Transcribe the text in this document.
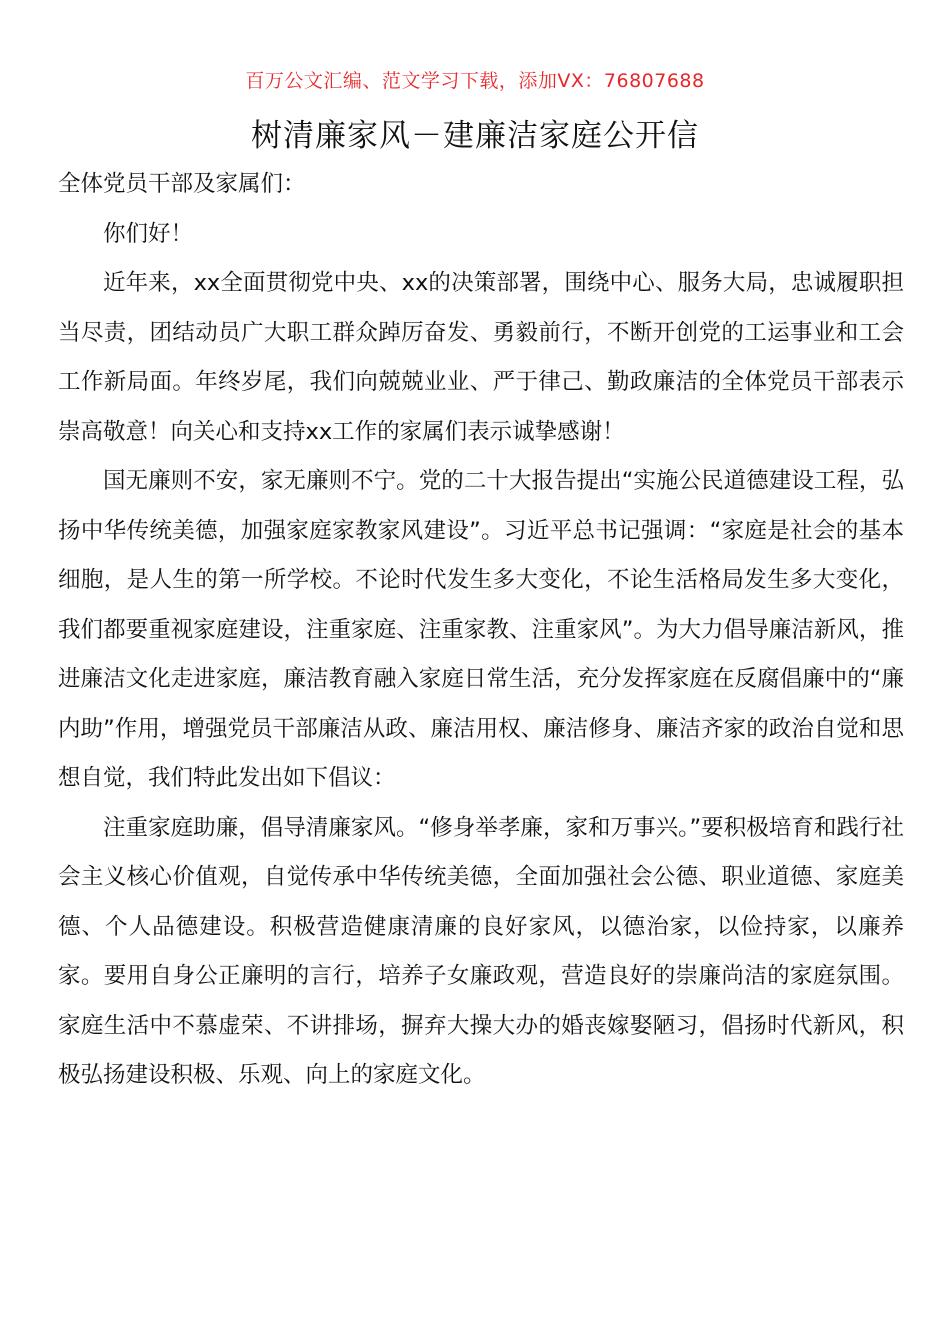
百万公文汇编、范文学习下载，添加VX：76807688
树清廉家风－建廉洁家庭公开信

全体党员干部及家属们：

你们好！

近年来，xx全面贯彻党中央、xx的决策部署，围绕中心、服务大局，忠诚履职担当尽责，团结动员广大职工群众踔厉奋发、勇毅前行，不断开创党的工运事业和工会工作新局面。年终岁尾，我们向兢兢业业、严于律己、勤政廉洁的全体党员干部表示崇高敬意！向关心和支持xx工作的家属们表示诚挚感谢！

国无廉则不安，家无廉则不宁。党的二十大报告提出“实施公民道德建设工程，弘扬中华传统美德，加强家庭家教家风建设”。习近平总书记强调：“家庭是社会的基本细胞，是人生的第一所学校。不论时代发生多大变化，不论生活格局发生多大变化，我们都要重视家庭建设，注重家庭、注重家教、注重家风”。为大力倡导廉洁新风，推进廉洁文化走进家庭，廉洁教育融入家庭日常生活，充分发挥家庭在反腐倡廉中的“廉内助”作用，增强党员干部廉洁从政、廉洁用权、廉洁修身、廉洁齐家的政治自觉和思想自觉，我们特此发出如下倡议：

注重家庭助廉，倡导清廉家风。“修身举孝廉，家和万事兴。”要积极培育和践行社会主义核心价值观，自觉传承中华传统美德，全面加强社会公德、职业道德、家庭美德、个人品德建设。积极营造健康清廉的良好家风，以德治家，以俭持家，以廉养家。要用自身公正廉明的言行，培养子女廉政观，营造良好的崇廉尚洁的家庭氛围。家庭生活中不慕虚荣、不讲排场，摒弃大操大办的婚丧嫁娶陋习，倡扬时代新风，积极弘扬建设积极、乐观、向上的家庭文化。
